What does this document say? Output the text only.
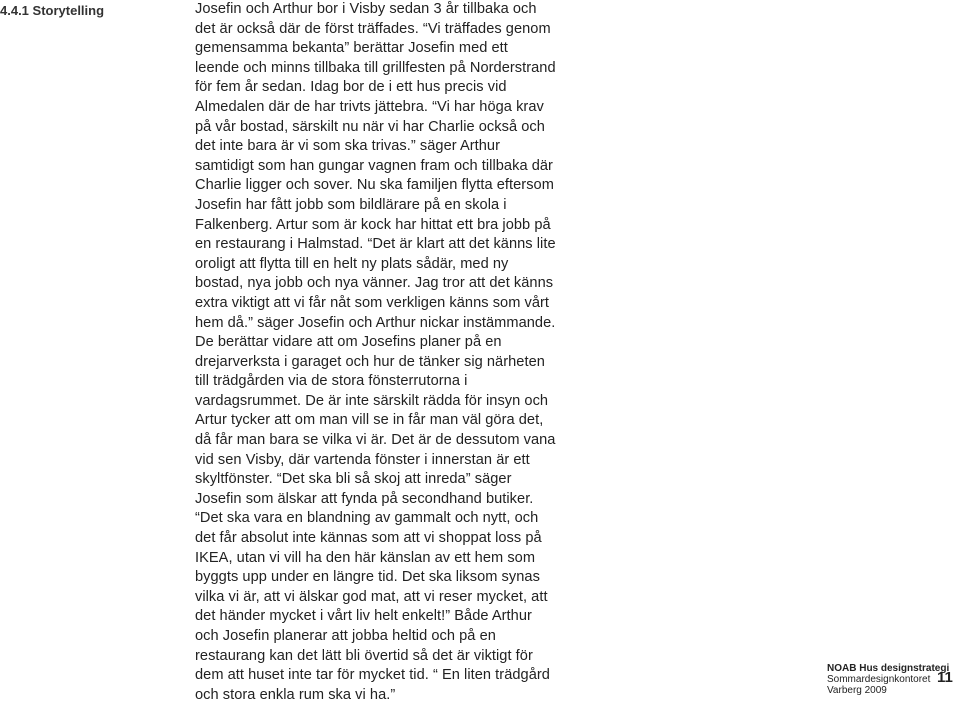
4.4.1 Storytelling	Josefin och Arthur bor i Visby sedan 3 år tillbaka och
det är också där de först träffades. “Vi träffades genom
gemensamma bekanta” berättar Josefin med ett
leende och minns tillbaka till grillfesten på Norderstrand
för fem år sedan. Idag bor de i ett hus precis vid
Almedalen där de har trivts jättebra. “Vi har höga krav
på vår bostad, särskilt nu när vi har Charlie också och
det inte bara är vi som ska trivas.” säger Arthur
samtidigt som han gungar vagnen fram och tillbaka där
Charlie ligger och sover. Nu ska familjen flytta eftersom
Josefin har fått jobb som bildlärare på en skola i
Falkenberg. Artur som är kock har hittat ett bra jobb på
en restaurang i Halmstad. “Det är klart att det känns lite
oroligt att flytta till en helt ny plats sådär, med ny
bostad, nya jobb och nya vänner. Jag tror att det känns
extra viktigt att vi får nåt som verkligen känns som vårt
hem då.” säger Josefin och Arthur nickar instämmande.
De berättar vidare att om Josefins planer på en
drejarverksta i garaget och hur de tänker sig närheten
till trädgården via de stora fönsterrutorna i
vardagsrummet. De är inte särskilt rädda för insyn och
Artur tycker att om man vill se in får man väl göra det,
då får man bara se vilka vi är. Det är de dessutom vana
vid sen Visby, där vartenda fönster i innerstan är ett
skyltfönster. “Det ska bli så skoj att inreda” säger
Josefin som älskar att fynda på secondhand butiker.
“Det ska vara en blandning av gammalt och nytt, och
det får absolut inte kännas som att vi shoppat loss på
IKEA, utan vi vill ha den här känslan av ett hem som
byggts upp under en längre tid. Det ska liksom synas
vilka vi är, att vi älskar god mat, att vi reser mycket, att
det händer mycket i vårt liv helt enkelt!” Både Arthur
och Josefin planerar att jobba heltid och på en
restaurang kan det lätt bli övertid så det är viktigt för
dem att huset inte tar för mycket tid. “ En liten trädgård
och stora enkla rum ska vi ha.”
NOAB Hus designstrategi
Sommardesignkontoret
Varberg 2009
11
